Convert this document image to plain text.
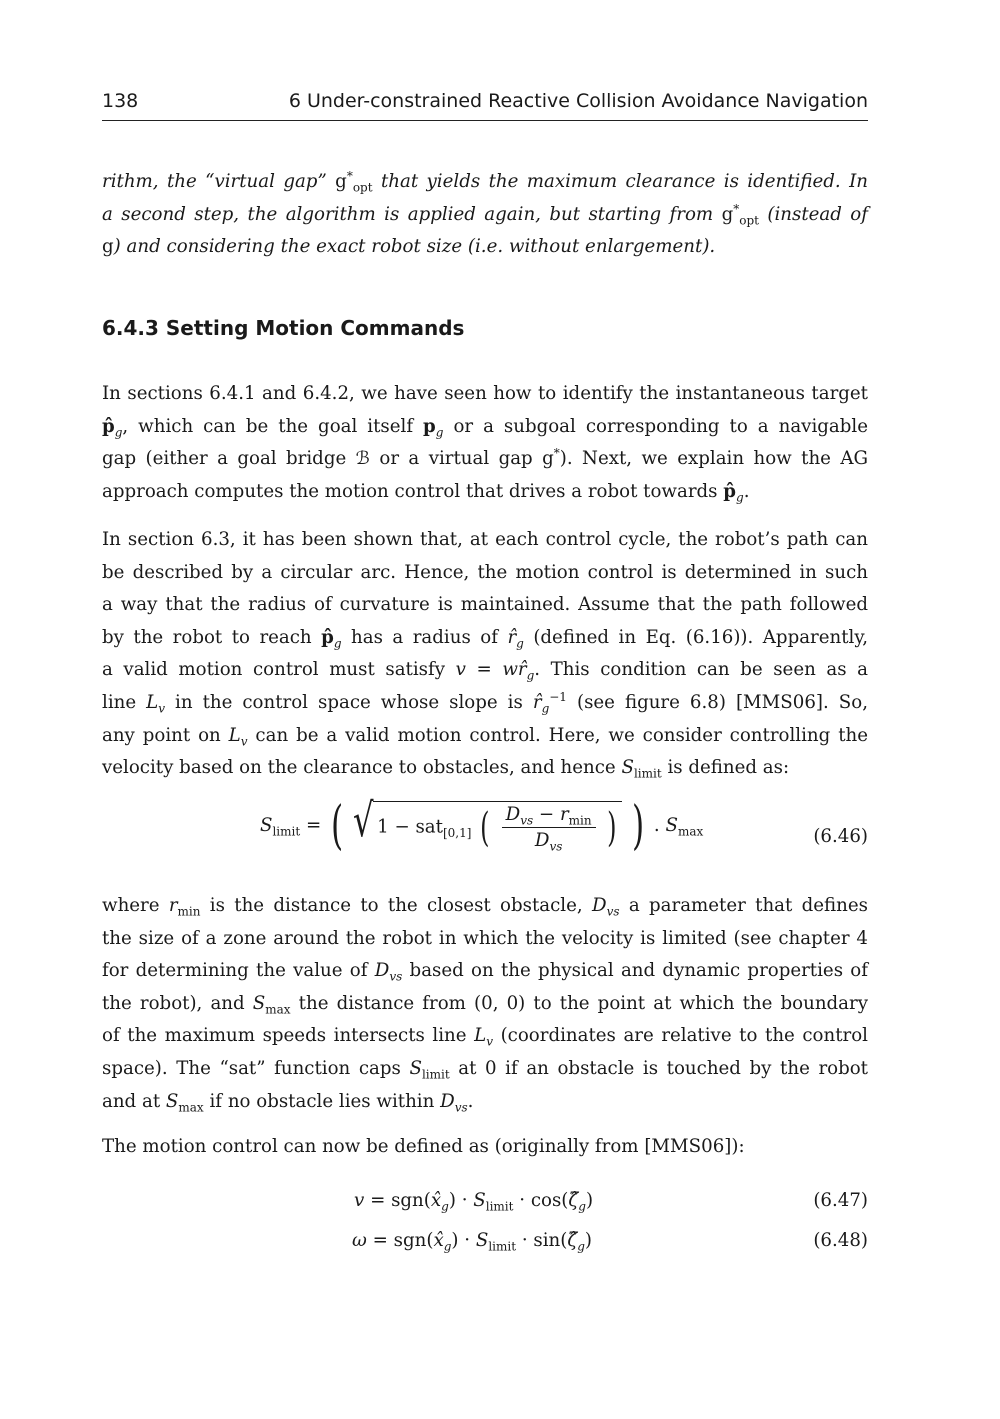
138	6 Under-constrained Reactive Collision Avoidance Navigation
rithm, the “virtual gap” $g^*_{opt}$ that yields the maximum clearance is identified. In
a second step, the algorithm is applied again, but starting from $g^*_{opt}$ (instead of
g) and considering the exact robot size (i.e. without enlargement).
6.4.3 Setting Motion Commands
In sections 6.4.1 and 6.4.2, we have seen how to identify the instantaneous target
$p̂_g$, which can be the goal itself $p_g$ or a subgoal corresponding to a navigable
gap (either a goal bridge ℬ or a virtual gap g*). Next, we explain how the AG
approach computes the motion control that drives a robot towards $p̂_g$.
In section 6.3, it has been shown that, at each control cycle, the robot’s path can
be described by a circular arc. Hence, the motion control is determined in such
a way that the radius of curvature is maintained. Assume that the path followed
by the robot to reach $p̂_g$ has a radius of $r̂_g$ (defined in Eq. (6.16)). Apparently,
a valid motion control must satisfy $v = wr̂_g$. This condition can be seen as a
line $L_v$ in the control space whose slope is $r̂_g^{-1}$ (see figure 6.8) [MMS06]. So,
any point on $L_v$ can be a valid motion control. Here, we consider controlling the
velocity based on the clearance to obstacles, and hence $S_{limit}$ is defined as:
$S_{limit}$ = ( √ 1 − sat$_{[0,1]}$ ( $\frac{D_{vs} - r_{min}}{D_{vs}}$ ) ) . $S_{max}$	(6.46)
where $r_{min}$ is the distance to the closest obstacle, $D_{vs}$ a parameter that defines
the size of a zone around the robot in which the velocity is limited (see chapter 4
for determining the value of $D_{vs}$ based on the physical and dynamic properties of
the robot), and $S_{max}$ the distance from (0, 0) to the point at which the boundary
of the maximum speeds intersects line $L_v$ (coordinates are relative to the control
space). The “sat” function caps $S_{limit}$ at 0 if an obstacle is touched by the robot
and at $S_{max}$ if no obstacle lies within $D_{vs}$.
The motion control can now be defined as (originally from [MMS06]):
$v = sgn(x̂_g) \cdot S_{limit}$ · $\cos(\zetâ_g)$	(6.47)
$\omega = sgn(x̂_g) \cdot S_{limit}$ · $\sin(\zetâ_g)$	(6.48)
